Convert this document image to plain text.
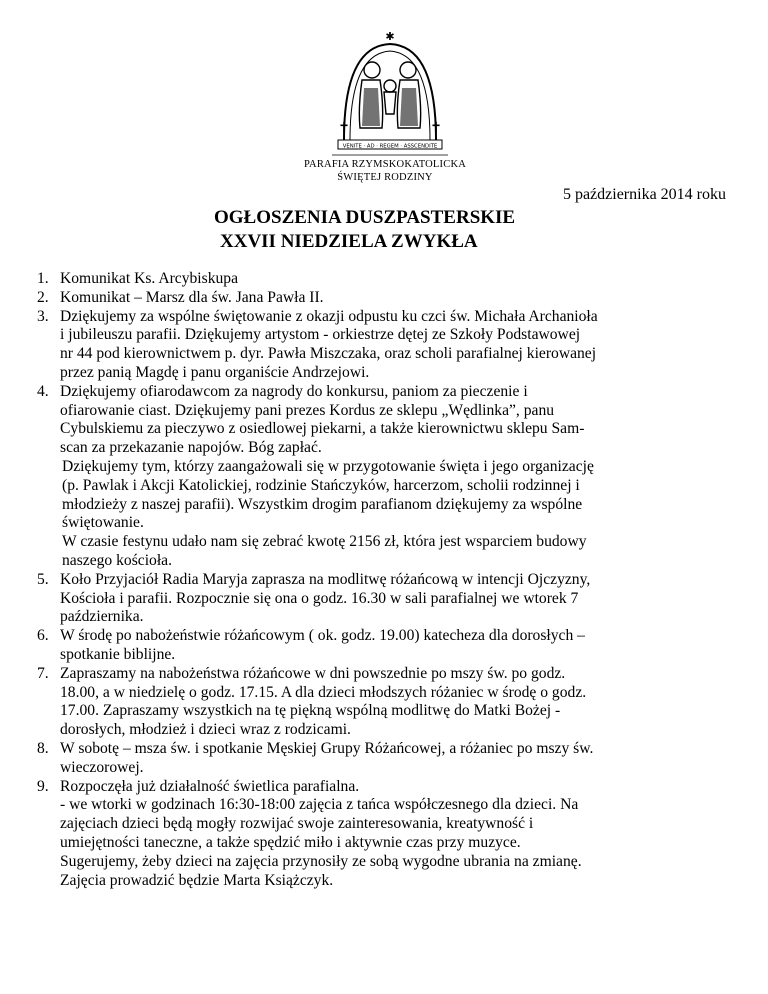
✱
✝	✝
VENITE · AD · REGEM · ASSCENDITE
PARAFIA RZYMSKOKATOLICKA
ŚWIĘTEJ RODZINY
5 października 2014 roku
OGŁOSZENIA DUSZPASTERSKIE
XXVII NIEDZIELA ZWYKŁA
1. Komunikat Ks. Arcybiskupa

2. Komunikat – Marsz dla św. Jana Pawła II.

3. Dziękujemy za wspólne świętowanie z okazji odpustu ku czci św. Michała Archanioła

i jubileuszu parafii. Dziękujemy artystom - orkiestrze dętej ze Szkoły Podstawowej

nr 44 pod kierownictwem p. dyr. Pawła Miszczaka, oraz scholi parafialnej kierowanej

przez panią Magdę i panu organiście Andrzejowi.

4. Dziękujemy ofiarodawcom za nagrody do konkursu, paniom za pieczenie i

ofiarowanie ciast. Dziękujemy pani prezes Kordus ze sklepu „Wędlinka”, panu

Cybulskiemu za pieczywo z osiedlowej piekarni, a także kierownictwu sklepu Sam-

scan za przekazanie napojów. Bóg zapłać.

Dziękujemy tym, którzy zaangażowali się w przygotowanie święta i jego organizację

(p. Pawlak i Akcji Katolickiej, rodzinie Stańczyków, harcerzom, scholii rodzinnej i

młodzieży z naszej parafii). Wszystkim drogim parafianom dziękujemy za wspólne

świętowanie.

W czasie festynu udało nam się zebrać kwotę 2156 zł, która jest wsparciem budowy

naszego kościoła.

5. Koło Przyjaciół Radia Maryja zaprasza na modlitwę różańcową w intencji Ojczyzny,

Kościoła i parafii. Rozpocznie się ona o godz. 16.30 w sali parafialnej we wtorek 7

października.

6. W środę po nabożeństwie różańcowym ( ok. godz. 19.00) katecheza dla dorosłych –

spotkanie biblijne.

7. Zapraszamy na nabożeństwa różańcowe w dni powszednie po mszy św. po godz.

18.00, a w niedzielę o godz. 17.15. A dla dzieci młodszych różaniec w środę o godz.

17.00. Zapraszamy wszystkich na tę piękną wspólną modlitwę do Matki Bożej -

dorosłych, młodzież i dzieci wraz z rodzicami.

8. W sobotę – msza św. i spotkanie Męskiej Grupy Różańcowej, a różaniec po mszy św.

wieczorowej.

9. Rozpoczęła już działalność świetlica parafialna.

- we wtorki w godzinach 16:30-18:00 zajęcia z tańca współczesnego dla dzieci. Na

zajęciach dzieci będą mogły rozwijać swoje zainteresowania, kreatywność i

umiejętności taneczne, a także spędzić miło i aktywnie czas przy muzyce.

Sugerujemy, żeby dzieci na zajęcia przynosiły ze sobą wygodne ubrania na zmianę.

Zajęcia prowadzić będzie Marta Książczyk.
